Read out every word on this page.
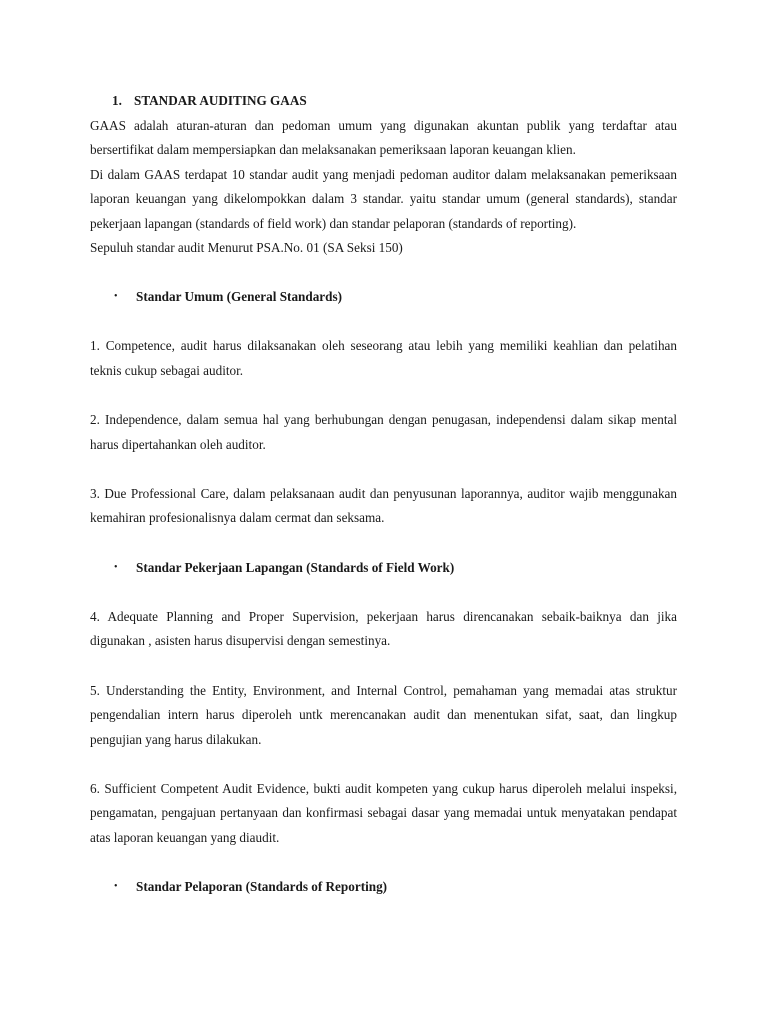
1. STANDAR AUDITING GAAS

GAAS adalah aturan-aturan dan pedoman umum yang digunakan akuntan publik yang terdaftar atau bersertifikat dalam mempersiapkan dan melaksanakan pemeriksaan laporan keuangan klien.

Di dalam GAAS terdapat 10 standar audit yang menjadi pedoman auditor dalam melaksanakan pemeriksaan laporan keuangan yang dikelompokkan dalam 3 standar. yaitu standar umum (general standards), standar pekerjaan lapangan (standards of field work) dan standar pelaporan (standards of reporting).

Sepuluh standar audit Menurut PSA.No. 01 (SA Seksi 150)

• Standar Umum (General Standards)

1. Competence, audit harus dilaksanakan oleh seseorang atau lebih yang memiliki keahlian dan pelatihan teknis cukup sebagai auditor.

2. Independence, dalam semua hal yang berhubungan dengan penugasan, independensi dalam sikap mental harus dipertahankan oleh auditor.

3. Due Professional Care, dalam pelaksanaan audit dan penyusunan laporannya, auditor wajib menggunakan kemahiran profesionalisnya dalam cermat dan seksama.

• Standar Pekerjaan Lapangan (Standards of Field Work)

4. Adequate Planning and Proper Supervision, pekerjaan harus direncanakan sebaik-baiknya dan jika digunakan , asisten harus disupervisi dengan semestinya.

5. Understanding the Entity, Environment, and Internal Control, pemahaman yang memadai atas struktur pengendalian intern harus diperoleh untk merencanakan audit dan menentukan sifat, saat, dan lingkup pengujian yang harus dilakukan.

6. Sufficient Competent Audit Evidence, bukti audit kompeten yang cukup harus diperoleh melalui inspeksi, pengamatan, pengajuan pertanyaan dan konfirmasi sebagai dasar yang memadai untuk menyatakan pendapat atas laporan keuangan yang diaudit.

• Standar Pelaporan (Standards of Reporting)
